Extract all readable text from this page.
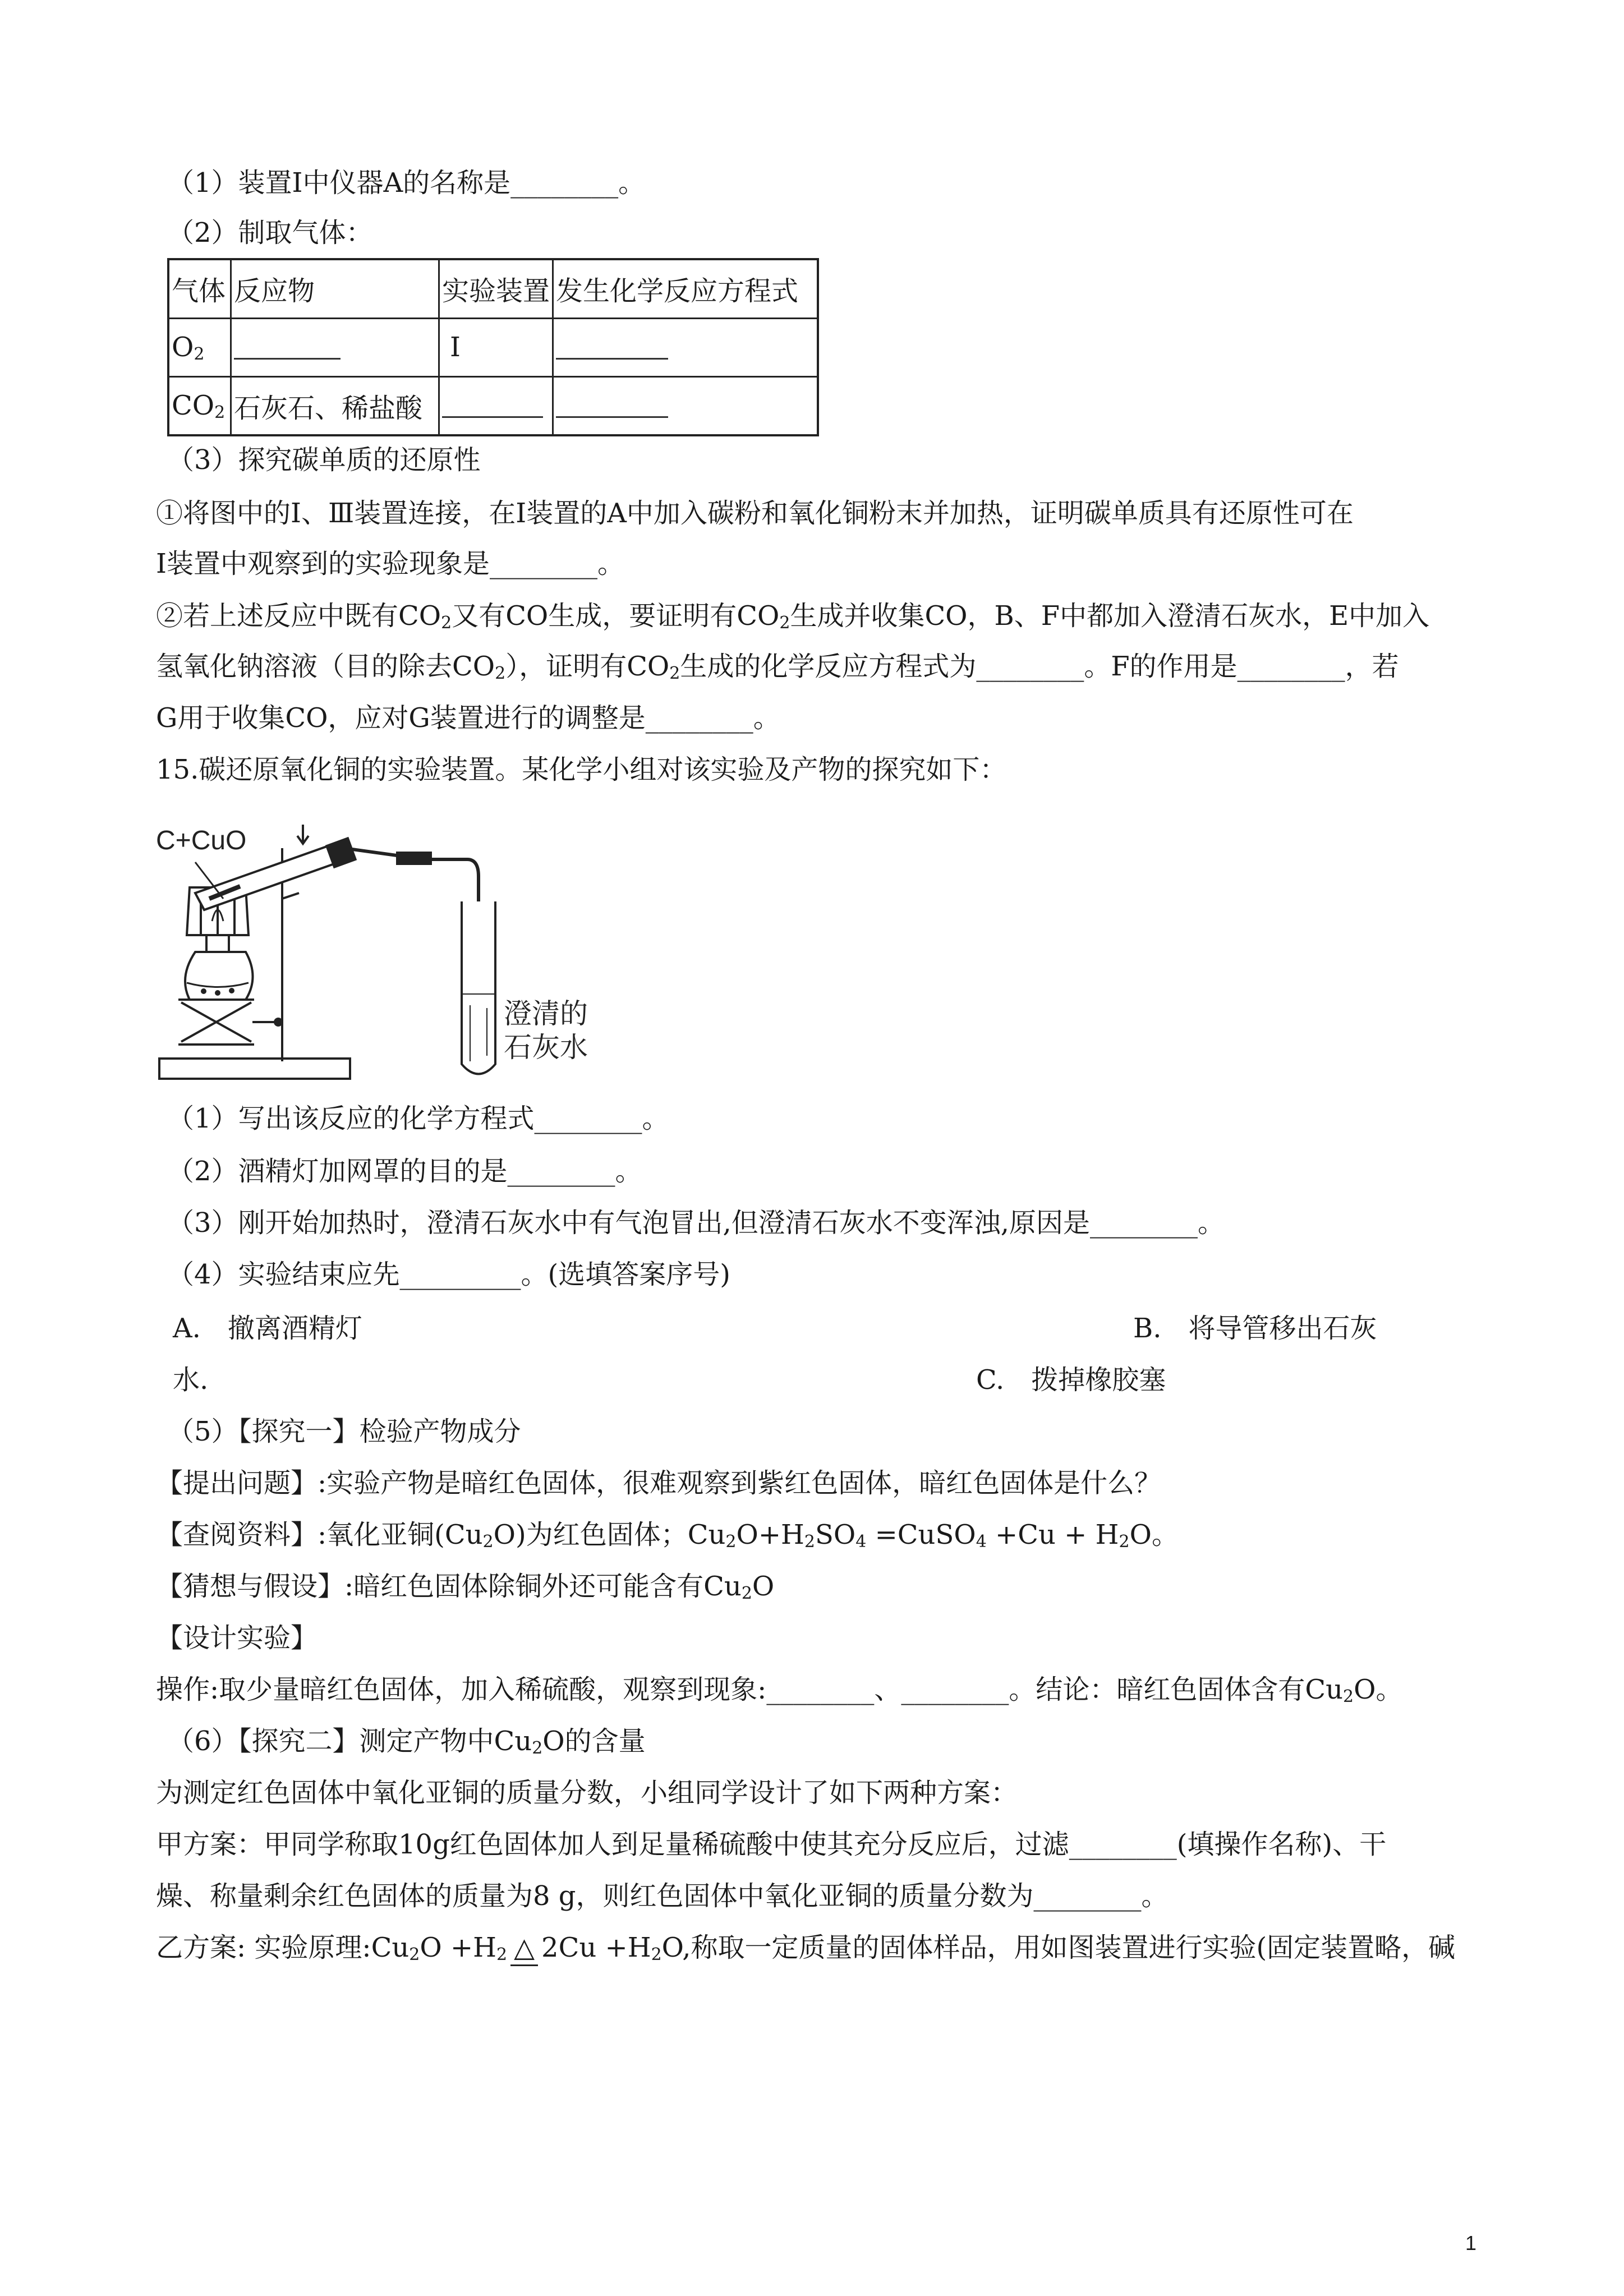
（1）装置Ⅰ中仪器A的名称是________。
（2）制取气体：
气体	反应物	实验装置	发生化学反应方程式
$O_2$		Ⅰ	
$CO_2$	石灰石、稀盐酸		
（3）探究碳单质的还原性
①将图中的Ⅰ、Ⅲ装置连接，在Ⅰ装置的A中加入碳粉和氧化铜粉末并加热，证明碳单质具有还原性可在
Ⅰ装置中观察到的实验现象是________。
②若上述反应中既有$CO_2$又有CO生成，要证明有$CO_2$生成并收集CO，B、F中都加入澄清石灰水，E中加入
氢氧化钠溶液（目的除去$CO_2$），证明有$CO_2$生成的化学反应方程式为________。F的作用是________，若
G用于收集CO，应对G装置进行的调整是________。
15.碳还原氧化铜的实验装置。某化学小组对该实验及产物的探究如下：
C+CuO
澄清的
石灰水
（1）写出该反应的化学方程式________。
（2）酒精灯加网罩的目的是________。
（3）刚开始加热时，澄清石灰水中有气泡冒出,但澄清石灰水不变浑浊,原因是________。
（4）实验结束应先_________。(选填答案序号)
A.　撤离酒精灯	B.　将导管移出石灰
水.	C.　拨掉橡胶塞
（5）【探究一】检验产物成分
【提出问题】:实验产物是暗红色固体，很难观察到紫红色固体，暗红色固体是什么？
【查阅资料】:氧化亚铜$(Cu_2O)$为红色固体；$Cu_2O+H_2SO_4$ =CuSO$_4$ $+Cu + H_2O$。
【猜想与假设】:暗红色固体除铜外还可能含有$Cu_2O$
【设计实验】
操作:取少量暗红色固体，加入稀硫酸，观察到现象:________、________。结论：暗红色固体含有$Cu_2O$。
（6）【探究二】测定产物中$Cu_2O$的含量
为测定红色固体中氧化亚铜的质量分数，小组同学设计了如下两种方案：
甲方案：甲同学称取10g红色固体加人到足量稀硫酸中使其充分反应后，过滤________(填操作名称)、干
燥、称量剩余红色固体的质量为8 g，则红色固体中氧化亚铜的质量分数为________。
乙方案: 实验原理$:Cu_2O +H_2$ △ $2Cu +H_2O$,称取一定质量的固体样品，用如图装置进行实验(固定装置略，碱
1
